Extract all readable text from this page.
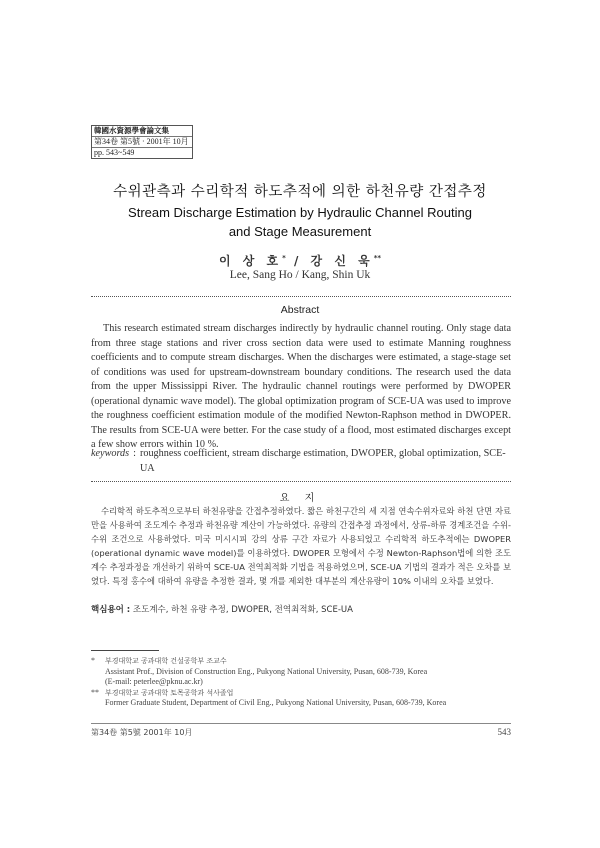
韓國水資源學會論文集
第34卷 第5號 · 2001年 10月
pp. 543~549
수위관측과 수리학적 하도추적에 의한 하천유량 간접추정
Stream Discharge Estimation by Hydraulic Channel Routing
and Stage Measurement
이 상 호* / 강 신 욱**
Lee, Sang Ho / Kang, Shin Uk
Abstract

This research estimated stream discharges indirectly by hydraulic channel routing. Only stage data from three stage stations and river cross section data were used to estimate Manning roughness coefficients and to compute stream discharges. When the discharges were estimated, a stage-stage set of conditions was used for upstream-downstream boundary conditions. The research used the data from the upper Mississippi River. The hydraulic channel routings were performed by DWOPER (operational dynamic wave model). The global optimization program of SCE-UA was used to improve the roughness coefficient estimation module of the modified Newton-Raphson method in DWOPER. The results from SCE-UA were better. For the case study of a flood, most estimated discharges except a few show errors within 10 %.

keywords : roughness coefficient, stream discharge estimation, DWOPER, global optimization, SCE-UA
요 지

수리학적 하도추적으로부터 하천유량을 간접추정하였다. 짧은 하천구간의 세 지점 연속수위자료와 하천 단면 자료만을 사용하여 조도계수 추정과 하천유량 계산이 가능하였다. 유량의 간접추정 과정에서, 상류-하류 경계조건을 수위-수위 조건으로 사용하였다. 미국 미시시피 강의 상류 구간 자료가 사용되었고 수리학적 하도추적에는 DWOPER (operational dynamic wave model)를 이용하였다. DWOPER 모형에서 수정 Newton-Raphson법에 의한 조도계수 추정과정을 개선하기 위하여 SCE-UA 전역최적화 기법을 적용하였으며, SCE-UA 기법의 결과가 적은 오차를 보였다. 특정 홍수에 대하여 유량을 추정한 결과, 몇 개를 제외한 대부분의 계산유량이 10% 이내의 오차를 보였다.

핵심용어 : 조도계수, 하천 유량 추정, DWOPER, 전역최적화, SCE-UA
*	부경대학교 공과대학 건설공학부 조교수
Assistant Prof., Division of Construction Eng., Pukyong National University, Pusan, 608-739, Korea
(E-mail: peterlee@pknu.ac.kr)
** 부경대학교 공과대학 토목공학과 석사졸업
Former Graduate Student, Department of Civil Eng., Pukyong National University, Pusan, 608-739, Korea
第34卷 第5號 2001年 10月	543
